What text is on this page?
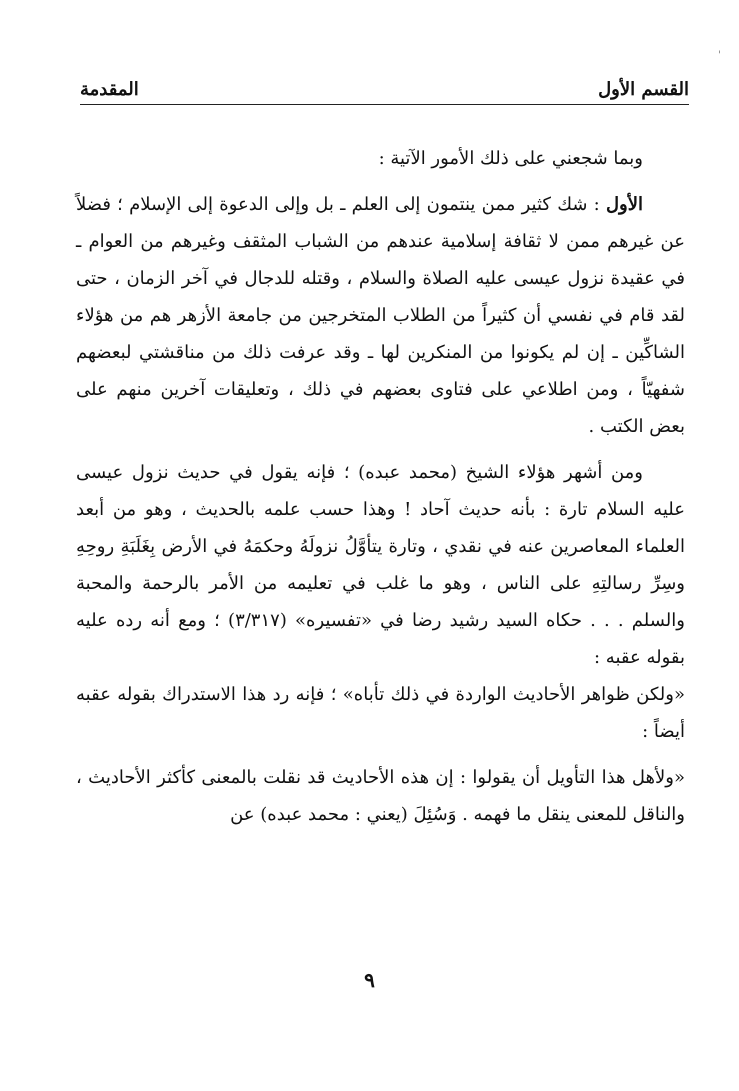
'
القسم الأول
المقدمة

وبما شجعني على ذلك الأمور الآتية :

الأول : شك كثير ممن ينتمون إلى العلم ـ بل وإلى الدعوة إلى الإسلام ؛ فضلاً عن غيرهم ممن لا ثقافة إسلامية عندهم من الشباب المثقف وغيرهم من العوام ـ في عقيدة نزول عيسى عليه الصلاة والسلام ، وقتله للدجال في آخر الزمان ، حتى لقد قام في نفسي أن كثيراً من الطلاب المتخرجين من جامعة الأزهر هم من هؤلاء الشاكِّين ـ إن لم يكونوا من المنكرين لها ـ وقد عرفت ذلك من مناقشتي لبعضهم شفهيّاً ، ومن اطلاعي على فتاوى بعضهم في ذلك ، وتعليقات آخرين منهم على بعض الكتب .

ومن أشهر هؤلاء الشيخ (محمد عبده) ؛ فإنه يقول في حديث نزول عيسى عليه السلام تارة : بأنه حديث آحاد ! وهذا حسب علمه بالحديث ، وهو من أبعد العلماء المعاصرين عنه في نقدي ، وتارة يتأوَّلُ نزولَهُ وحكمَهُ في الأرض بِغَلَبَةِ روحِهِ وسِرِّ رسالتِهِ على الناس ، وهو ما غلب في تعليمه من الأمر بالرحمة والمحبة والسلم . . . حكاه السيد رشيد رضا في «تفسيره» (٣/٣١٧) ؛ ومع أنه رده عليه بقوله عقبه :

«ولكن ظواهر الأحاديث الواردة في ذلك تأباه» ؛ فإنه رد هذا الاستدراك بقوله عقبه أيضاً :

«ولأهل هذا التأويل أن يقولوا : إن هذه الأحاديث قد نقلت بالمعنى كأكثر الأحاديث ، والناقل للمعنى ينقل ما فهمه . وَسُئِلَ (يعني : محمد عبده) عن

٩
